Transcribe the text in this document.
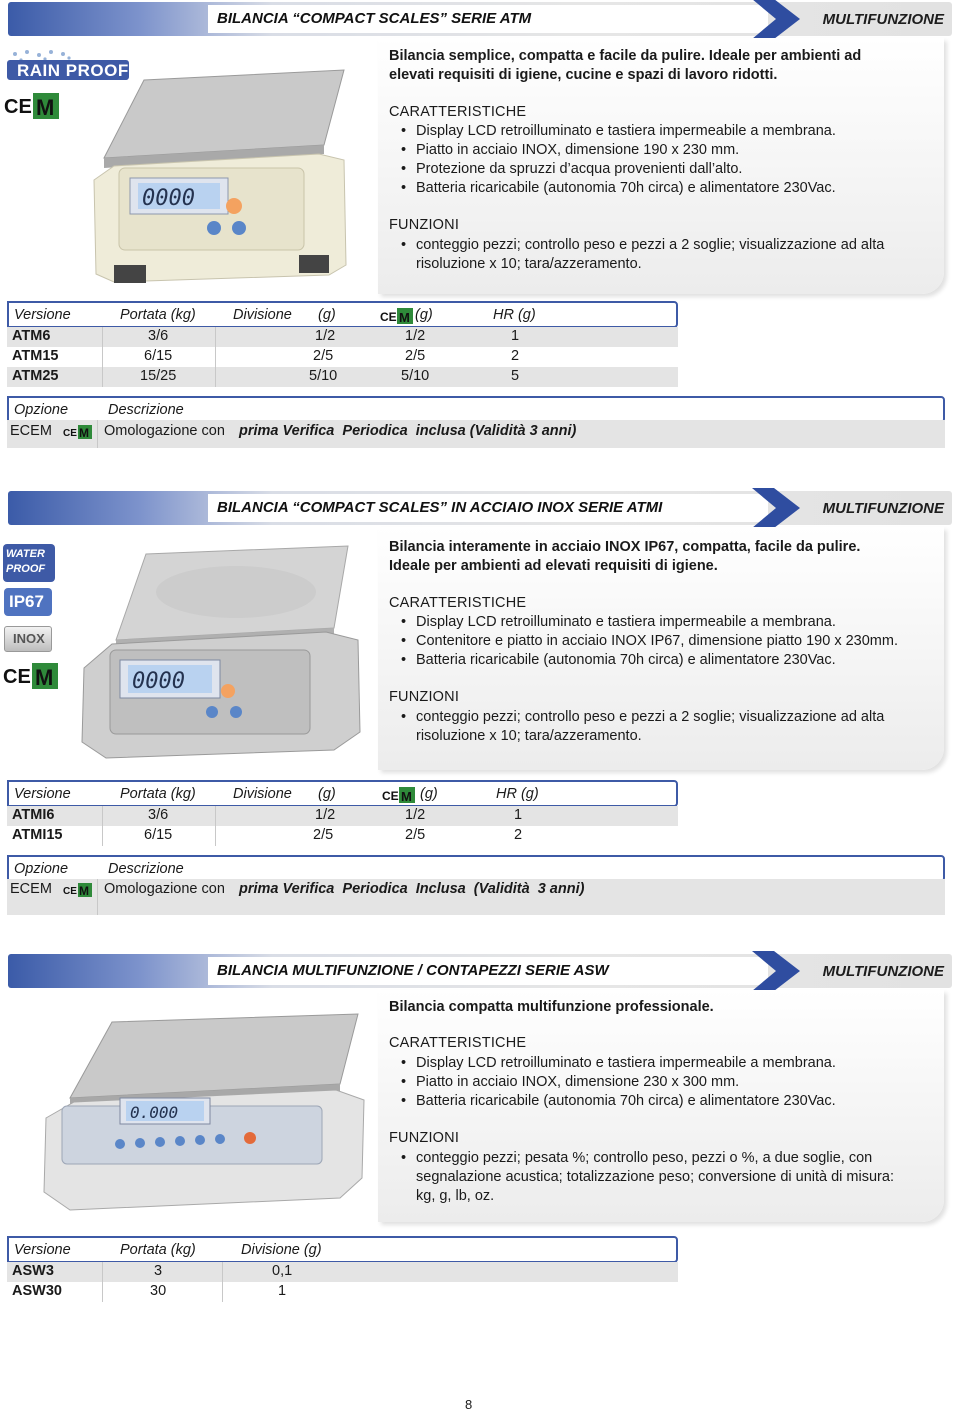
BILANCIA “COMPACT SCALES” SERIE ATM	MULTIFUNZIONE
RAIN PROOF
CE M
0000
Bilancia semplice, compatta e facile da pulire. Ideale per ambienti ad
elevati requisiti di igiene, cucine e spazi di lavoro ridotti.
CARATTERISTICHE
• Display LCD retroilluminato e tastiera impermeabile a membrana.
• Piatto in acciaio INOX, dimensione 190 x 230 mm.
• Protezione da spruzzi d’acqua provenienti dall’alto.
• Batteria ricaricabile (autonomia 70h circa) e alimentatore 230Vac.
FUNZIONI
• conteggio pezzi; controllo peso e pezzi a 2 soglie; visualizzazione ad alta risoluzione x 10; tara/azzeramento.
Versione	Portata (kg)	Divisione (g)	CE M (g)	HR (g)
ATM6	3/6	1/2	1/2	1
ATM15	6/15	2/5	2/5	2
ATM25	15/25	5/10	5/10	5
Opzione	Descrizione
ECEM CE M Omologazione con prima Verifica  Periodica  inclusa (Validità 3 anni)
BILANCIA “COMPACT SCALES” IN ACCIAIO INOX SERIE ATMI	MULTIFUNZIONE
WATER PROOF
IP67
INOX
CE M	0000
Bilancia interamente in acciaio INOX IP67, compatta, facile da pulire.
Ideale per ambienti ad elevati requisiti di igiene.
CARATTERISTICHE
• Display LCD retroilluminato e tastiera impermeabile a membrana.
• Contenitore e piatto in acciaio INOX IP67, dimensione piatto 190 x 230mm.
• Batteria ricaricabile (autonomia 70h circa) e alimentatore 230Vac.
FUNZIONI
• conteggio pezzi; controllo peso e pezzi a 2 soglie; visualizzazione ad alta risoluzione x 10; tara/azzeramento.
Versione	Portata (kg)	Divisione (g)	CE M (g)	HR (g)
ATMI6	3/6	1/2	1/2	1
ATMI15	6/15	2/5	2/5	2
Opzione	Descrizione
ECEM CE M Omologazione con prima Verifica  Periodica  Inclusa  (Validità  3 anni)
BILANCIA MULTIFUNZIONE / CONTAPEZZI SERIE ASW	MULTIFUNZIONE
0.000
Bilancia compatta multifunzione professionale.
CARATTERISTICHE
• Display LCD retroilluminato e tastiera impermeabile a membrana.
• Piatto in acciaio INOX, dimensione 230 x 300 mm.
• Batteria ricaricabile (autonomia 70h circa) e alimentatore 230Vac.
FUNZIONI
• conteggio pezzi; pesata %; controllo peso, pezzi o %, a due soglie, con segnalazione acustica; totalizzazione peso; conversione di unità di misura: kg, g, lb, oz.
Versione	Portata (kg)	Divisione (g)
ASW3	3	0,1
ASW30	30	1
8
